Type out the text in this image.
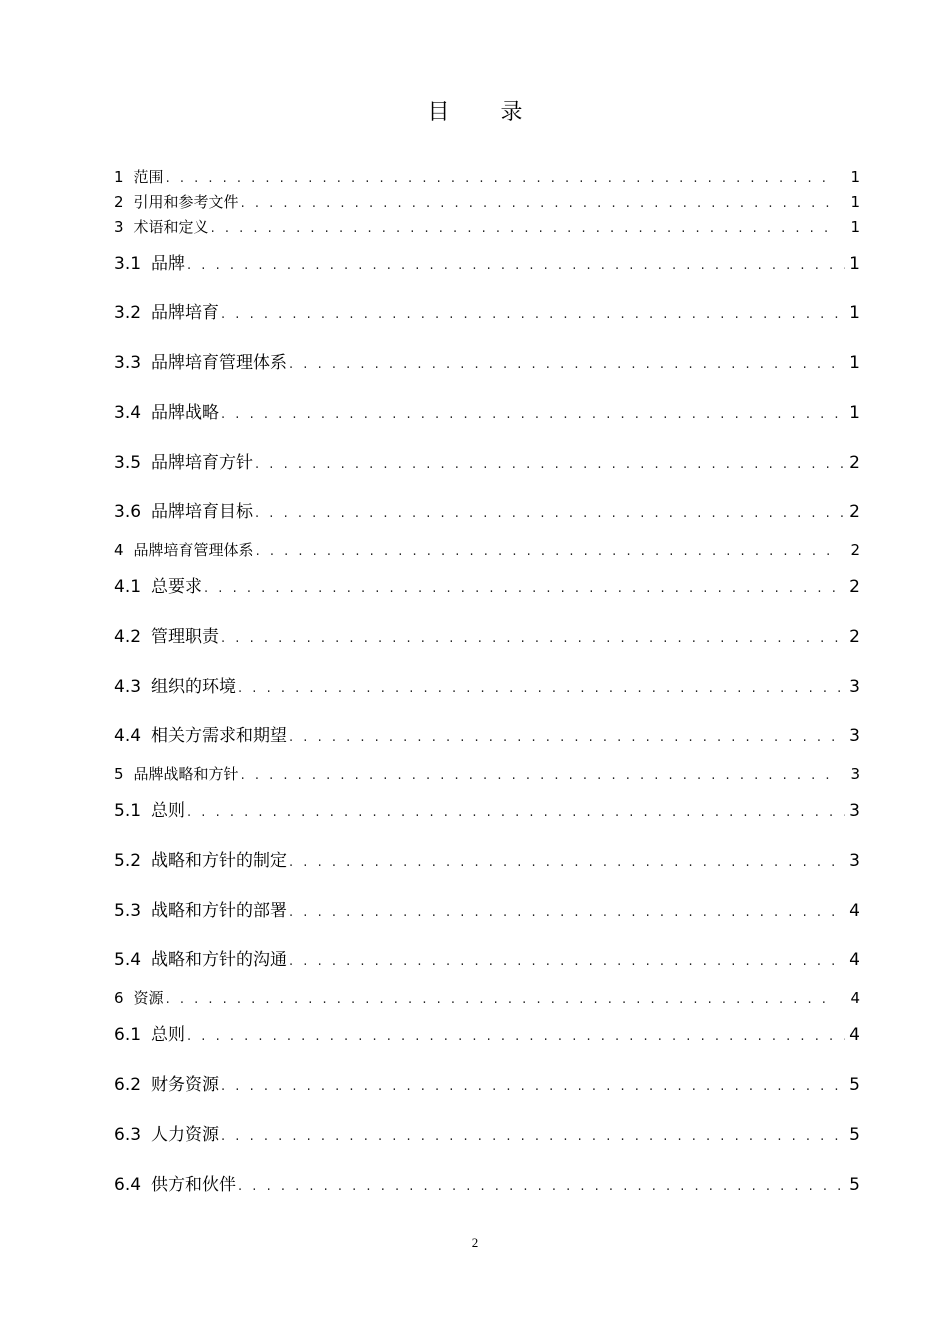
目 录
1 范围 . . .	1
2 引用和参考文件 . . .	1
3 术语和定义 . . .	1
3.1 品牌 . . .	1
3.2 品牌培育 . . .	1
3.3 品牌培育管理体系 . . .	1
3.4 品牌战略 . . .	1
3.5 品牌培育方针 . . .	2
3.6 品牌培育目标 . . .	2
4 品牌培育管理体系 . . .	2
4.1 总要求 . . .	2
4.2 管理职责 . . .	2
4.3 组织的环境 . . .	3
4.4 相关方需求和期望 . . .	3
5 品牌战略和方针 . . .	3
5.1 总则 . . .	3
5.2 战略和方针的制定 . . .	3
5.3 战略和方针的部署 . . .	4
5.4 战略和方针的沟通 . . .	4
6 资源 . . .	4
6.1 总则 . . .	4
6.2 财务资源 . . .	5
6.3 人力资源 . . .	5
6.4 供方和伙伴 . . .	5
2
